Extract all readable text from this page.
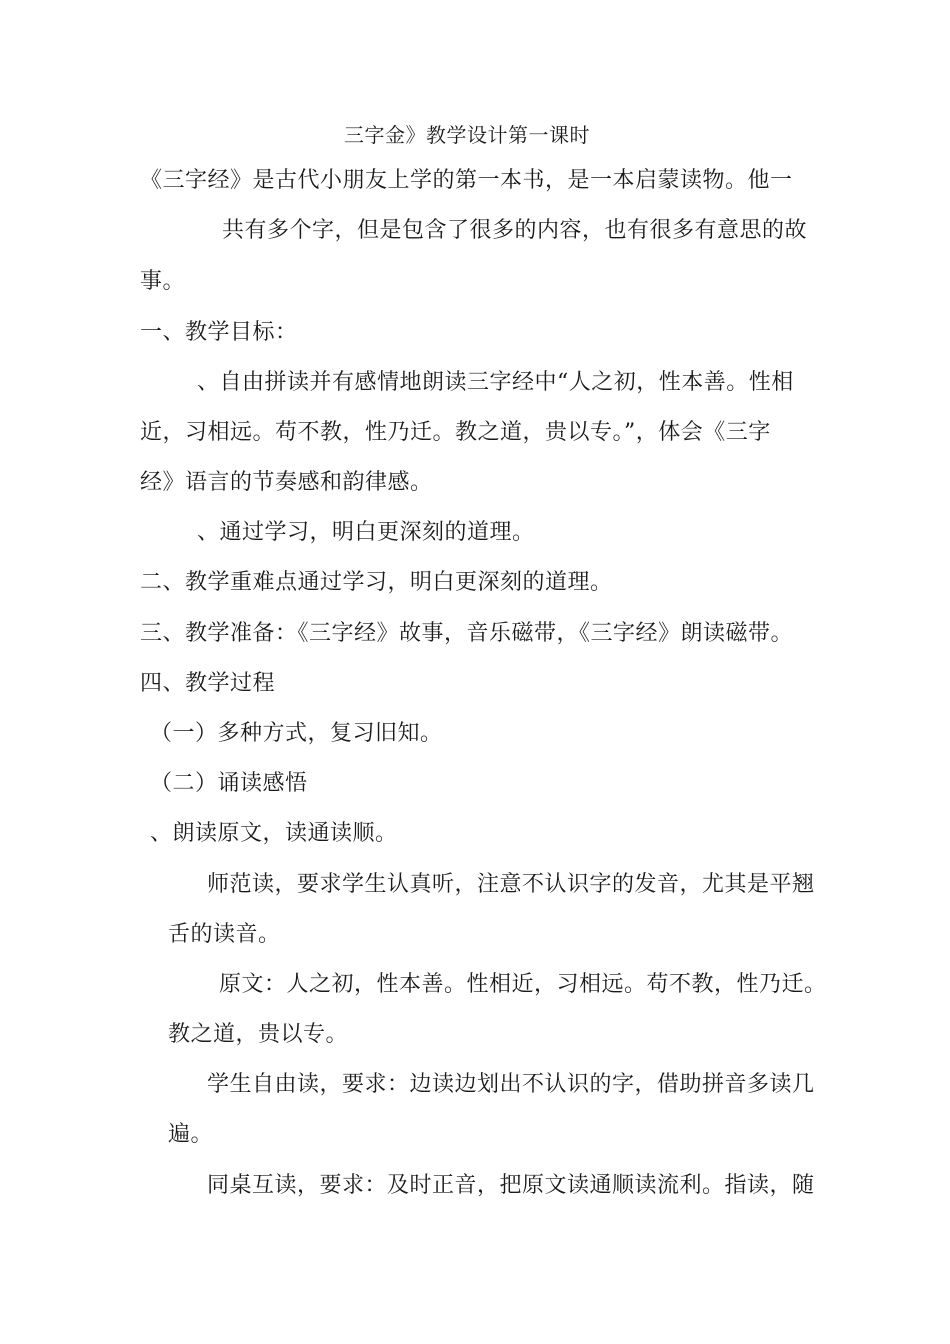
三字金》教学设计第一课时
《三字经》是古代小朋友上学的第一本书，是一本启蒙读物。他一
共有多个字，但是包含了很多的内容，也有很多有意思的故
事。
一、教学目标：
、自由拼读并有感情地朗读三字经中“人之初，性本善。性相
近，习相远。苟不教，性乃迁。教之道，贵以专。”，体会《三字
经》语言的节奏感和韵律感。
、通过学习，明白更深刻的道理。
二、教学重难点通过学习，明白更深刻的道理。
三、教学准备：《三字经》故事，音乐磁带，《三字经》朗读磁带。
四、教学过程
（一）多种方式，复习旧知。
（二）诵读感悟
、朗读原文，读通读顺。
师范读，要求学生认真听，注意不认识字的发音，尤其是平翘
舌的读音。
原文：人之初，性本善。性相近，习相远。苟不教，性乃迁。
教之道，贵以专。
学生自由读，要求：边读边划出不认识的字，借助拼音多读几
遍。
同桌互读，要求：及时正音，把原文读通顺读流利。指读，随
